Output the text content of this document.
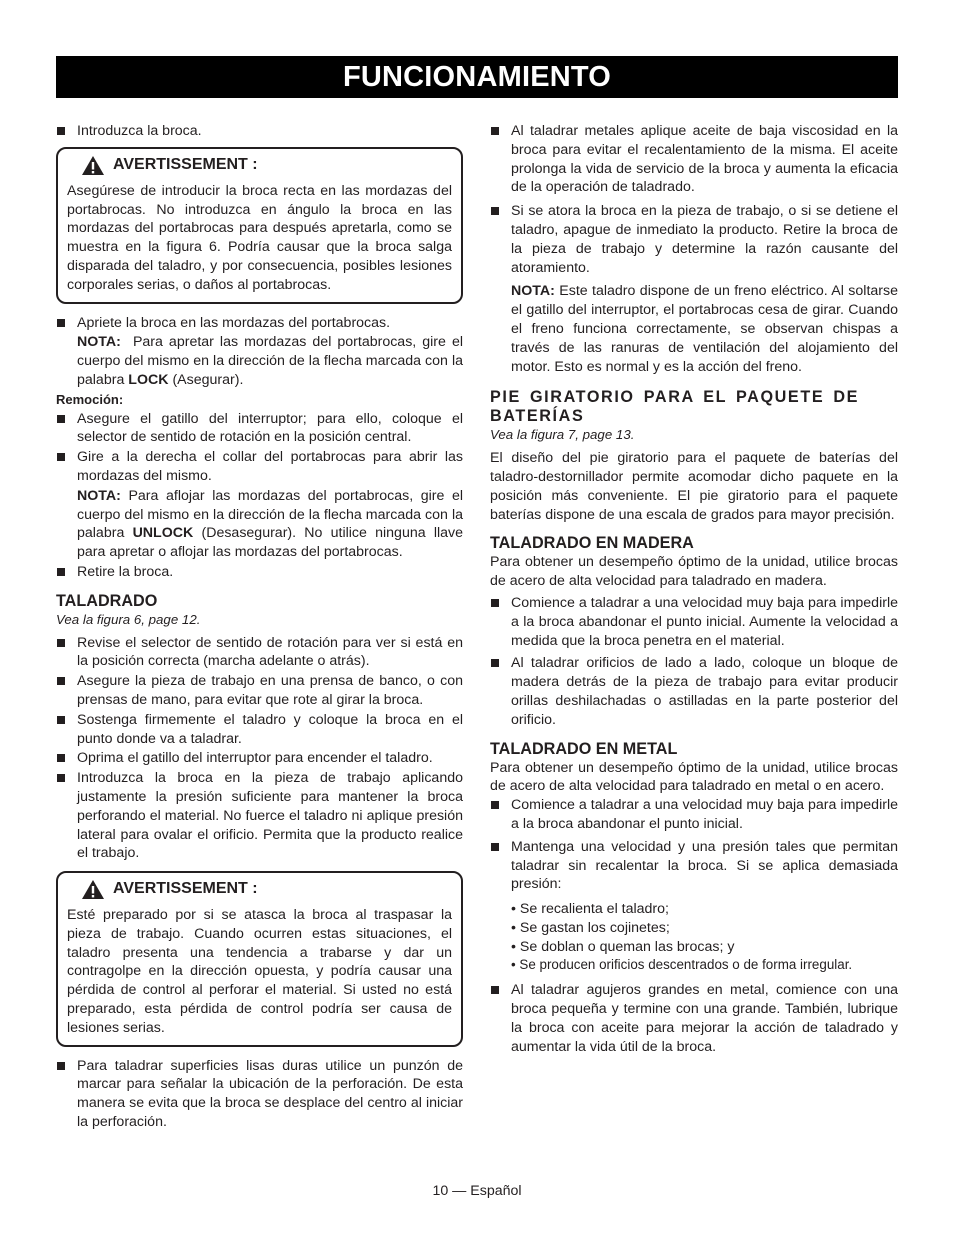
FUNCIONAMIENTO
Introduzca la broca.
AVERTISSEMENT :

Asegúrese de introducir la broca recta en las mordazas del portabrocas. No introduzca en ángulo la broca en las mordazas del portabrocas para después apretarla, como se muestra en la figura 6. Podría causar que la broca salga disparada del taladro, y por consecuencia, posibles lesiones corporales serias, o daños al portabrocas.

Apriete la broca en las mordazas del portabrocas.
NOTA: Para apretar las mordazas del portabrocas, gire el cuerpo del mismo en la dirección de la flecha marcada con la palabra LOCK (Asegurar).
Remoción:
Asegure el gatillo del interruptor; para ello, coloque el selector de sentido de rotación en la posición central.
Gire a la derecha el collar del portabrocas para abrir las mordazas del mismo.
NOTA: Para aflojar las mordazas del portabrocas, gire el cuerpo del mismo en la dirección de la flecha marcada con la palabra UNLOCK (Desasegurar). No utilice ninguna llave para apretar o aflojar las mordazas del portabrocas.
Retire la broca.
TALADRADO
Vea la figura 6, page 12.
Revise el selector de sentido de rotación para ver si está en la posición correcta (marcha adelante o atrás).
Asegure la pieza de trabajo en una prensa de banco, o con prensas de mano, para evitar que rote al girar la broca.
Sostenga firmemente el taladro y coloque la broca en el punto donde va a taladrar.
Oprima el gatillo del interruptor para encender el taladro.
Introduzca la broca en la pieza de trabajo aplicando justamente la presión suficiente para mantener la broca perforando el material. No fuerce el taladro ni aplique presión lateral para ovalar el orificio. Permita que la producto realice el trabajo.
AVERTISSEMENT :

Esté preparado por si se atasca la broca al traspasar la pieza de trabajo. Cuando ocurren estas situaciones, el taladro presenta una tendencia a trabarse y dar un contragolpe en la dirección opuesta, y podría causar una pérdida de control al perforar el material. Si usted no está preparado, esta pérdida de control podría ser causa de lesiones serias.

Para taladrar superficies lisas duras utilice un punzón de marcar para señalar la ubicación de la perforación. De esta manera se evita que la broca se desplace del centro al iniciar la perforación.
Al taladrar metales aplique aceite de baja viscosidad en la broca para evitar el recalentamiento de la misma. El aceite prolonga la vida de servicio de la broca y aumenta la eficacia de la operación de taladrado.
Si se atora la broca en la pieza de trabajo, o si se detiene el taladro, apague de inmediato la producto. Retire la broca de la pieza de trabajo y determine la razón causante del atoramiento.
NOTA: Este taladro dispone de un freno eléctrico. Al soltarse el gatillo del interruptor, el portabrocas cesa de girar. Cuando el freno funciona correctamente, se observan chispas a través de las ranuras de ventilación del alojamiento del motor. Esto es normal y es la acción del freno.
PIE GIRATORIO PARA EL PAQUETE DE BATERÍAS
Vea la figura 7, page 13.

El diseño del pie giratorio para el paquete de baterías del taladro-destornillador permite acomodar dicho paquete en la posición más conveniente. El pie giratorio para el paquete baterías dispone de una escala de grados para mayor precisión.

TALADRADO EN MADERA

Para obtener un desempeño óptimo de la unidad, utilice brocas de acero de alta velocidad para taladrado en madera.

Comience a taladrar a una velocidad muy baja para impedirle a la broca abandonar el punto inicial. Aumente la velocidad a medida que la broca penetra en el material.
Al taladrar orificios de lado a lado, coloque un bloque de madera detrás de la pieza de trabajo para evitar producir orillas deshilachadas o astilladas en la parte posterior del orificio.
TALADRADO EN METAL

Para obtener un desempeño óptimo de la unidad, utilice brocas de acero de alta velocidad para taladrado en metal o en acero.

Comience a taladrar a una velocidad muy baja para impedirle a la broca abandonar el punto inicial.
Mantenga una velocidad y una presión tales que permitan taladrar sin recalentar la broca. Si se aplica demasiada presión:
• Se recalienta el taladro;
• Se gastan los cojinetes;
• Se doblan o queman las brocas; y
• Se producen orificios descentrados o de forma irregular.
Al taladrar agujeros grandes en metal, comience con una broca pequeña y termine con una grande. También, lubrique la broca con aceite para mejorar la acción de taladrado y aumentar la vida útil de la broca.
10 — Español
